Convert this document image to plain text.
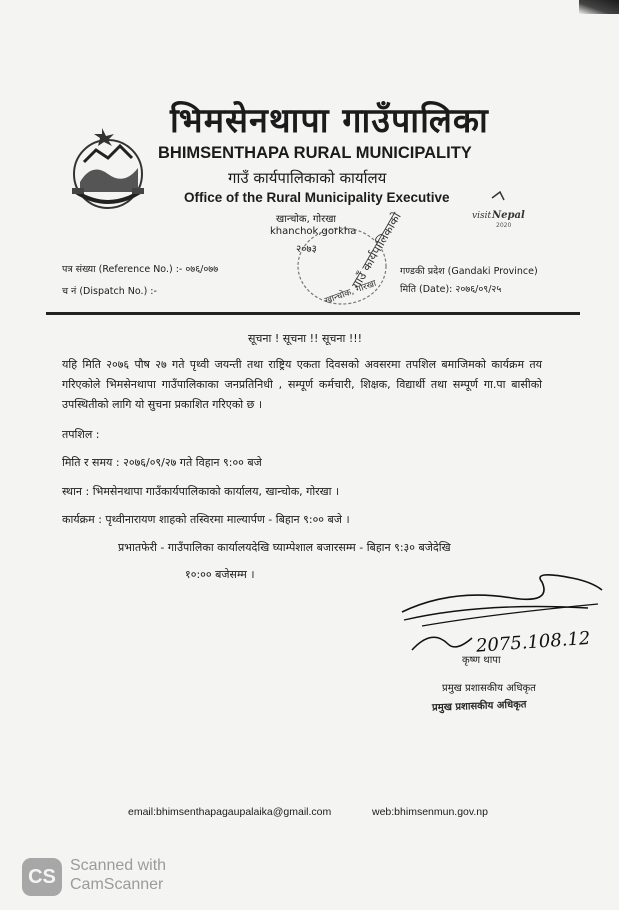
भिमसेनथापा गाउँपालिका
BHIMSENTHAPA RURAL MUNICIPALITY
गाउँ कार्यपालिकाको कार्यालय
Office of the Rural Municipality Executive
खान्चोक, गोरखा
khanchok,gorkha
२०७३
visit Nepal
2020
गाउँ कार्यपालिकाको
खान्चोक, गोरखा
पत्र संख्या (Reference No.) :- ०७६/०७७
च नं (Dispatch No.) :-
गण्डकी प्रदेश (Gandaki Province)
मिति (Date): २०७६/०९/२५
सूचना ! सूचना !! सूचना !!!
यहि मिति २०७६ पौष २७ गते पृथ्वी जयन्ती तथा राष्ट्रिय एकता दिवसको अवसरमा तपशिल बमाजिमको कार्यक्रम तय गरिएकोले भिमसेनथापा गाउँपालिकाका जनप्रतिनिधी , सम्पूर्ण कर्मचारी, शिक्षक, विद्यार्थी तथा सम्पूर्ण गा.पा बासीको उपस्थितीको लागि यो सुचना प्रकाशित गरिएको छ ।
तपशिल :
मिति र समय : २०७६/०९/२७ गते विहान ९:०० बजे
स्थान : भिमसेनथापा गाउँकार्यपालिकाको कार्यालय, खान्चोक, गोरखा ।
कार्यक्रम : पृथ्वीनारायण शाहको तस्विरमा माल्यार्पण - बिहान ९:०० बजे ।
प्रभातफेरी - गाउँपालिका कार्यालयदेखि घ्याम्पेशाल बजारसम्म - बिहान ९:३० बजेदेखि
१०:०० बजेसम्म ।
2075.108.12
कृष्ण थापा
प्रमुख प्रशासकीय अधिकृत
प्रमुख प्रशासकीय अधिकृत
email:bhimsenthapagaupalaika@gmail.com	web:bhimsenmun.gov.np
CS Scanned with
CamScanner
